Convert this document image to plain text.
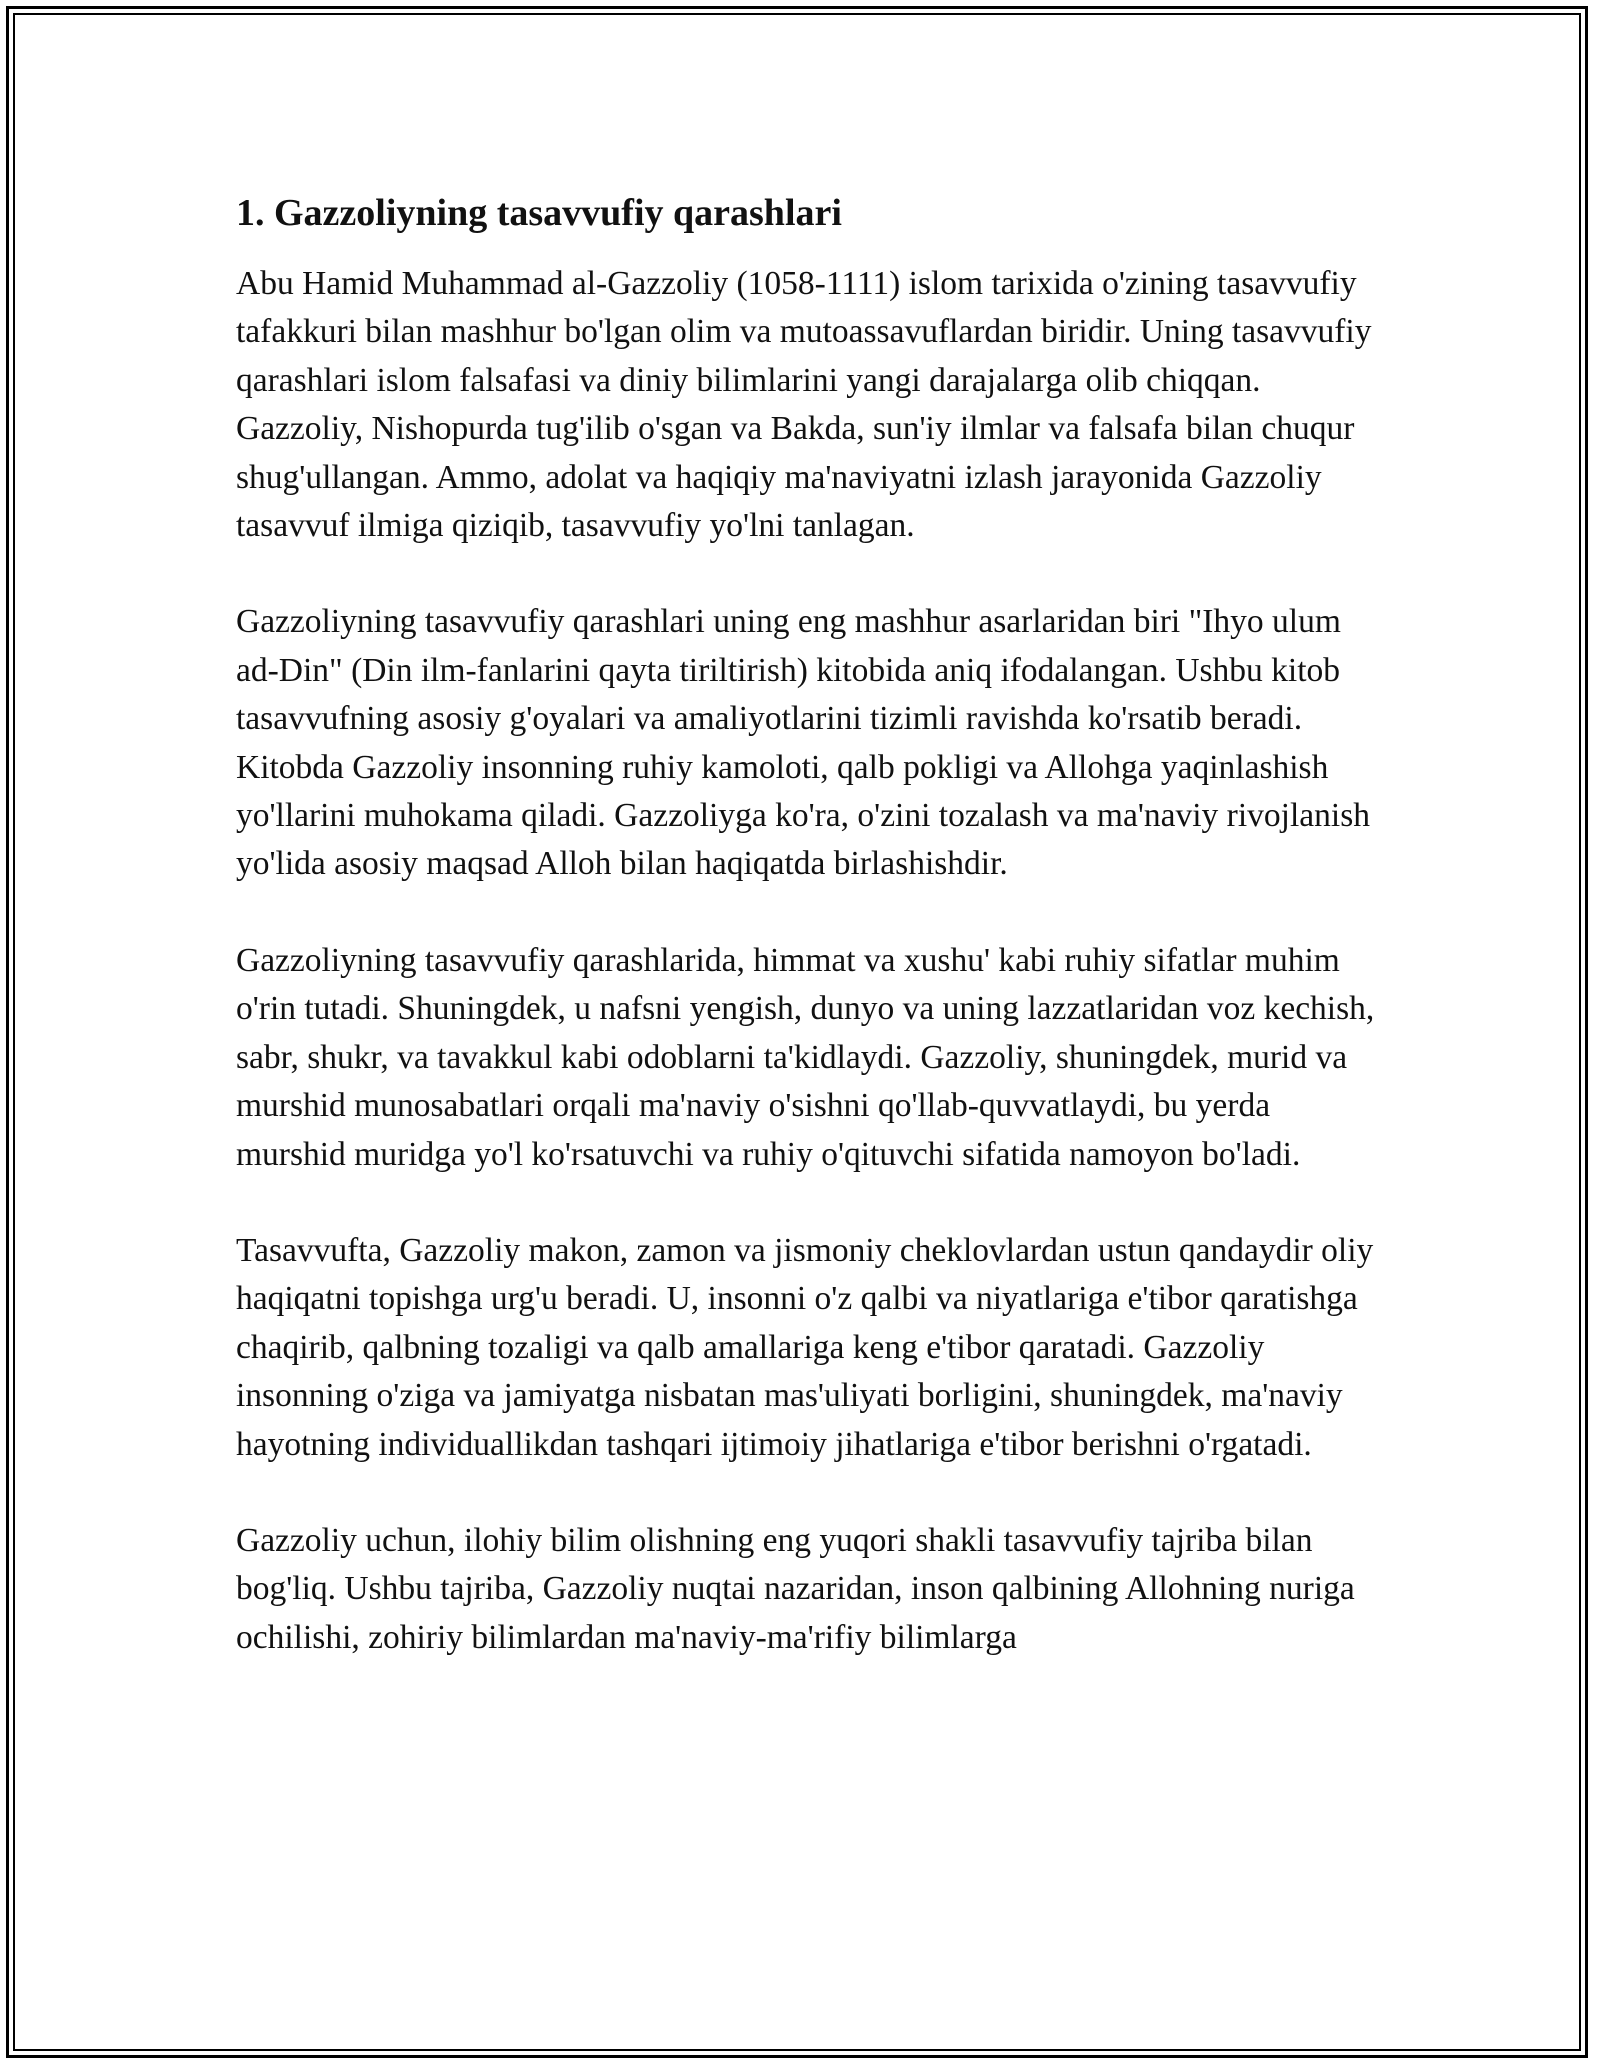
1. Gazzoliyning tasavvufiy qarashlari

Abu Hamid Muhammad al-Gazzoliy (1058-1111) islom tarixida o'zining tasavvufiy tafakkuri bilan mashhur bo'lgan olim va mutoassavuflardan biridir. Uning tasavvufiy qarashlari islom falsafasi va diniy bilimlarini yangi darajalarga olib chiqqan. Gazzoliy, Nishopurda tug'ilib o'sgan va Bakda, sun'iy ilmlar va falsafa bilan chuqur shug'ullangan. Ammo, adolat va haqiqiy ma'naviyatni izlash jarayonida Gazzoliy tasavvuf ilmiga qiziqib, tasavvufiy yo'lni tanlagan.

Gazzoliyning tasavvufiy qarashlari uning eng mashhur asarlaridan biri "Ihyo ulum ad-Din" (Din ilm-fanlarini qayta tiriltirish) kitobida aniq ifodalangan. Ushbu kitob tasavvufning asosiy g'oyalari va amaliyotlarini tizimli ravishda ko'rsatib beradi. Kitobda Gazzoliy insonning ruhiy kamoloti, qalb pokligi va Allohga yaqinlashish yo'llarini muhokama qiladi. Gazzoliyga ko'ra, o'zini tozalash va ma'naviy rivojlanish yo'lida asosiy maqsad Alloh bilan haqiqatda birlashishdir.

Gazzoliyning tasavvufiy qarashlarida, himmat va xushu' kabi ruhiy sifatlar muhim o'rin tutadi. Shuningdek, u nafsni yengish, dunyo va uning lazzatlaridan voz kechish, sabr, shukr, va tavakkul kabi odoblarni ta'kidlaydi. Gazzoliy, shuningdek, murid va murshid munosabatlari orqali ma'naviy o'sishni qo'llab-quvvatlaydi, bu yerda murshid muridga yo'l ko'rsatuvchi va ruhiy o'qituvchi sifatida namoyon bo'ladi.

Tasavvufta, Gazzoliy makon, zamon va jismoniy cheklovlardan ustun qandaydir oliy haqiqatni topishga urg'u beradi. U, insonni o'z qalbi va niyatlariga e'tibor qaratishga chaqirib, qalbning tozaligi va qalb amallariga keng e'tibor qaratadi. Gazzoliy insonning o'ziga va jamiyatga nisbatan mas'uliyati borligini, shuningdek, ma'naviy hayotning individuallikdan tashqari ijtimoiy jihatlariga e'tibor berishni o'rgatadi.

Gazzoliy uchun, ilohiy bilim olishning eng yuqori shakli tasavvufiy tajriba bilan bog'liq. Ushbu tajriba, Gazzoliy nuqtai nazaridan, inson qalbining Allohning nuriga ochilishi, zohiriy bilimlardan ma'naviy-ma'rifiy bilimlarga
